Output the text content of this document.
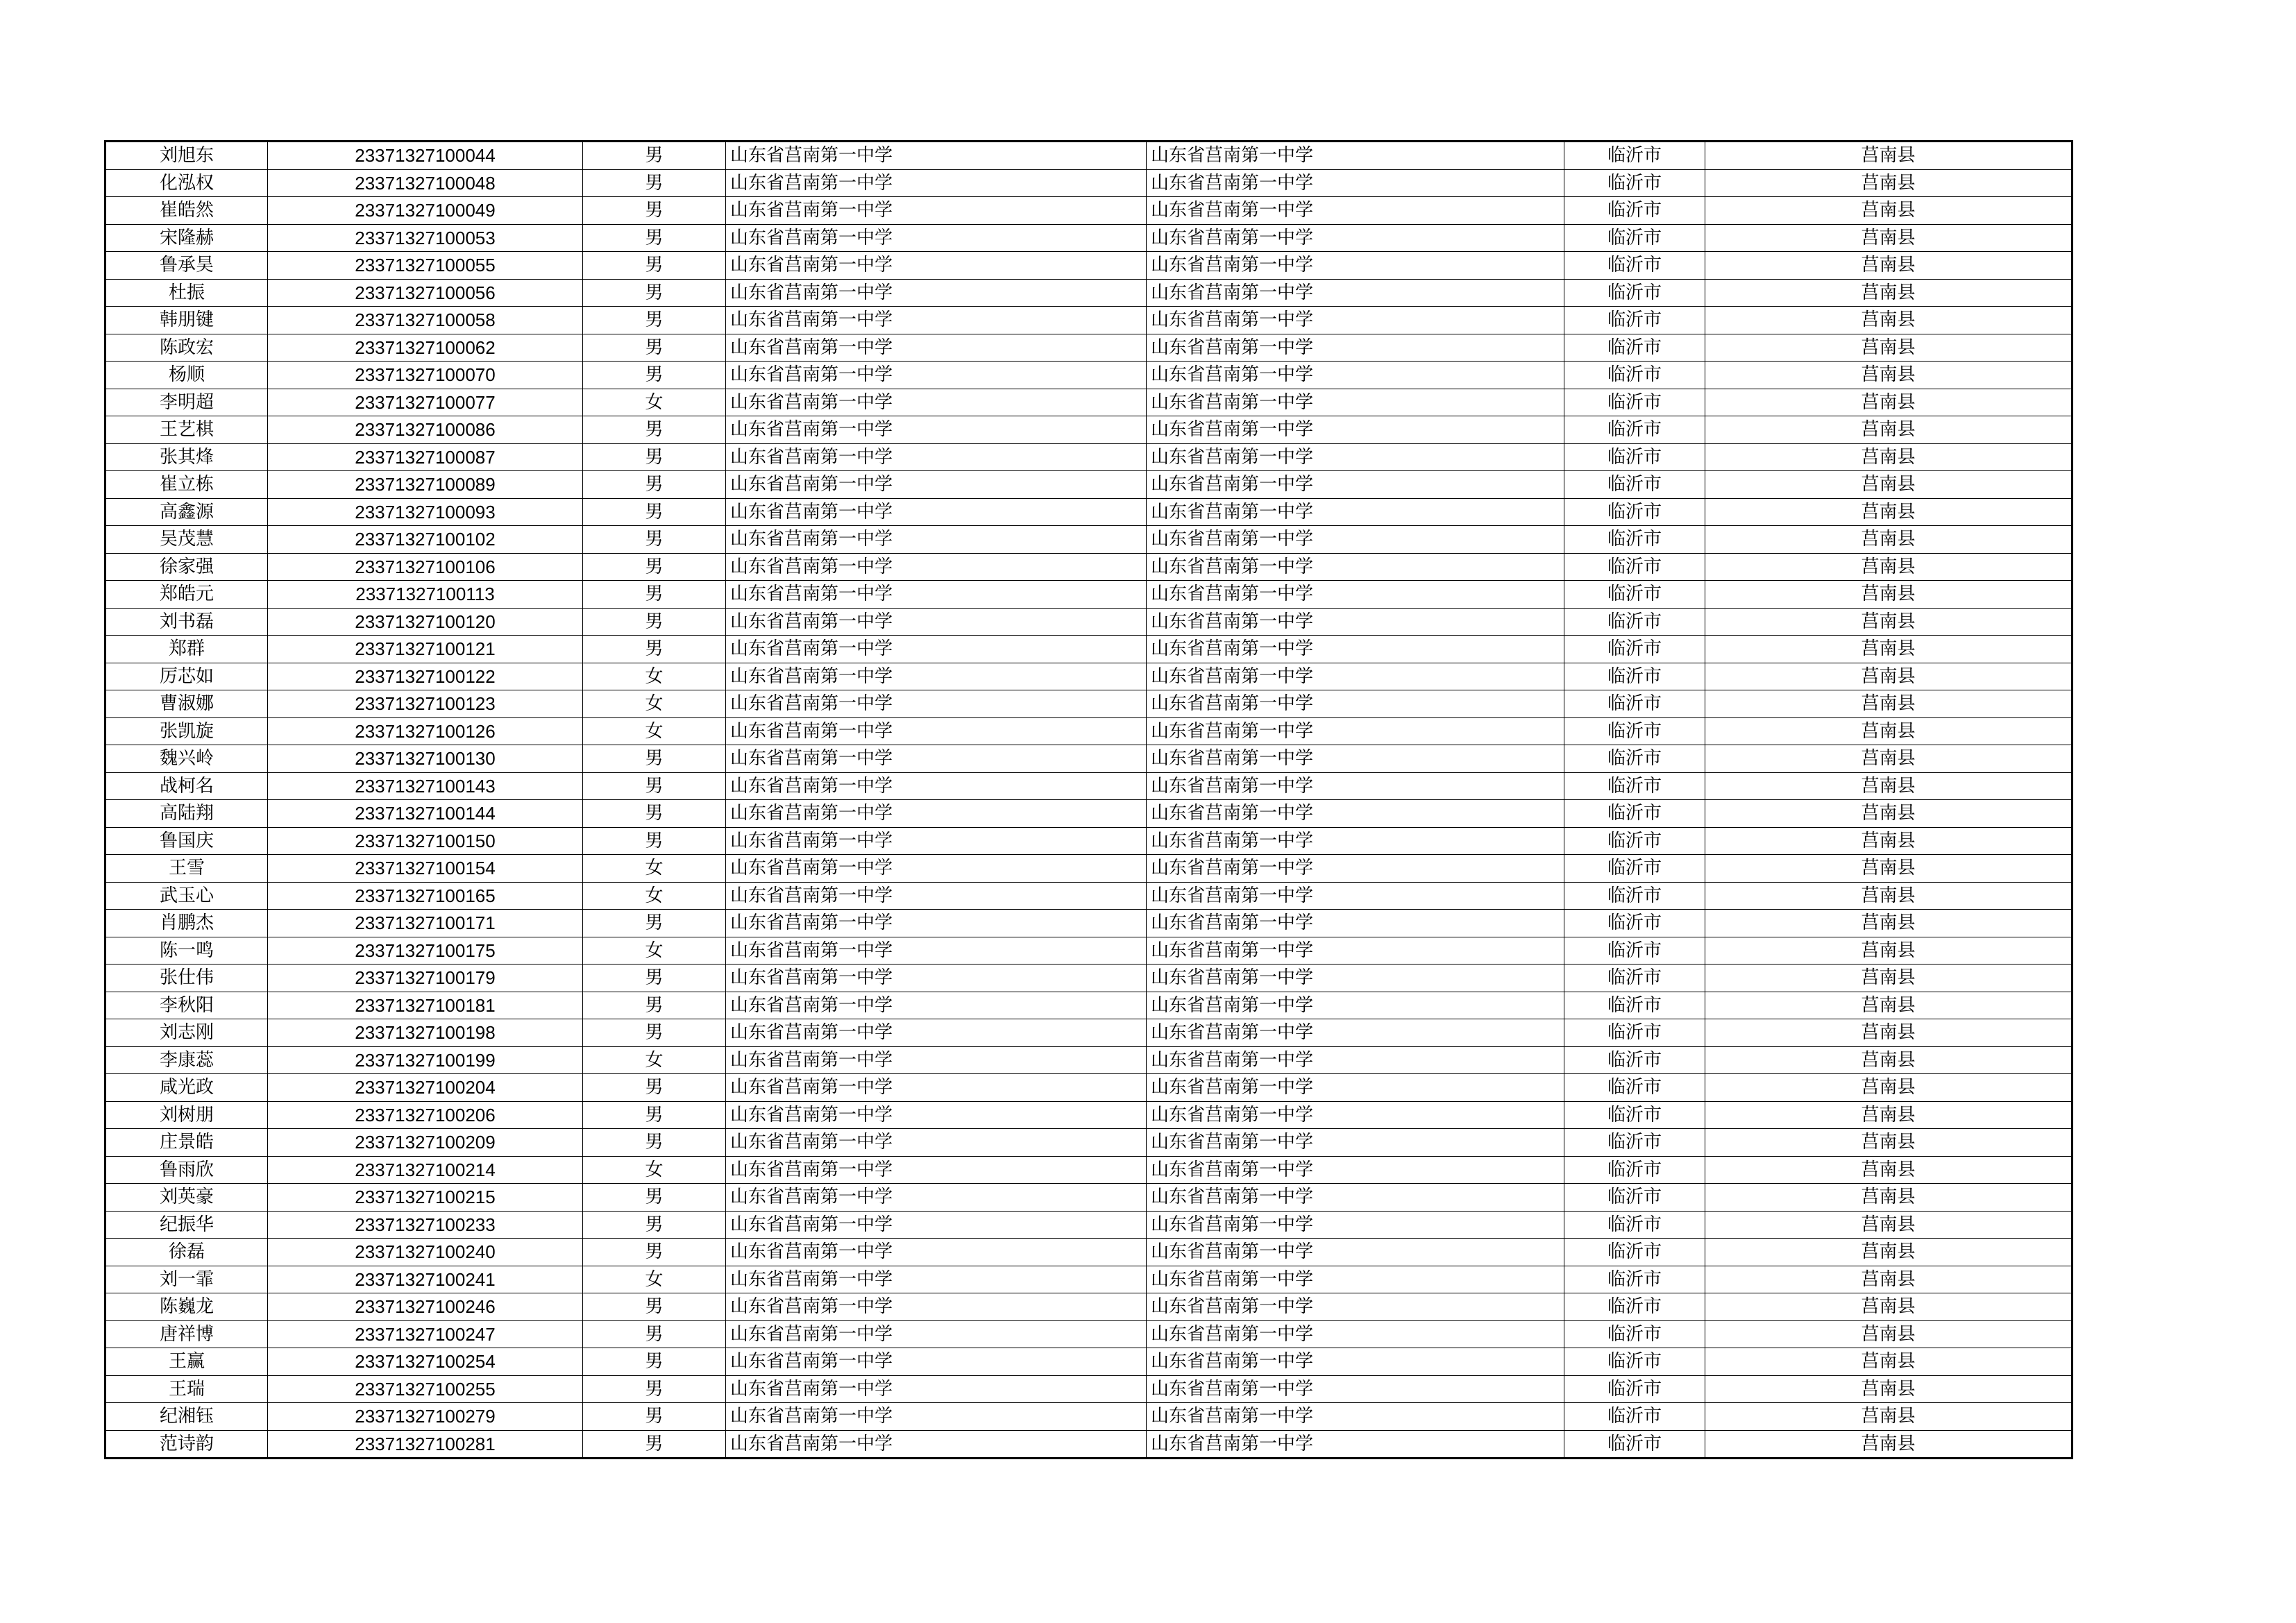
刘旭东	23371327100044	男	山东省莒南第一中学	山东省莒南第一中学	临沂市	莒南县
化泓权	23371327100048	男	山东省莒南第一中学	山东省莒南第一中学	临沂市	莒南县
崔皓然	23371327100049	男	山东省莒南第一中学	山东省莒南第一中学	临沂市	莒南县
宋隆赫	23371327100053	男	山东省莒南第一中学	山东省莒南第一中学	临沂市	莒南县
鲁承昊	23371327100055	男	山东省莒南第一中学	山东省莒南第一中学	临沂市	莒南县
杜振	23371327100056	男	山东省莒南第一中学	山东省莒南第一中学	临沂市	莒南县
韩朋键	23371327100058	男	山东省莒南第一中学	山东省莒南第一中学	临沂市	莒南县
陈政宏	23371327100062	男	山东省莒南第一中学	山东省莒南第一中学	临沂市	莒南县
杨顺	23371327100070	男	山东省莒南第一中学	山东省莒南第一中学	临沂市	莒南县
李明超	23371327100077	女	山东省莒南第一中学	山东省莒南第一中学	临沂市	莒南县
王艺棋	23371327100086	男	山东省莒南第一中学	山东省莒南第一中学	临沂市	莒南县
张其烽	23371327100087	男	山东省莒南第一中学	山东省莒南第一中学	临沂市	莒南县
崔立栋	23371327100089	男	山东省莒南第一中学	山东省莒南第一中学	临沂市	莒南县
高鑫源	23371327100093	男	山东省莒南第一中学	山东省莒南第一中学	临沂市	莒南县
吴茂慧	23371327100102	男	山东省莒南第一中学	山东省莒南第一中学	临沂市	莒南县
徐家强	23371327100106	男	山东省莒南第一中学	山东省莒南第一中学	临沂市	莒南县
郑皓元	23371327100113	男	山东省莒南第一中学	山东省莒南第一中学	临沂市	莒南县
刘书磊	23371327100120	男	山东省莒南第一中学	山东省莒南第一中学	临沂市	莒南县
郑群	23371327100121	男	山东省莒南第一中学	山东省莒南第一中学	临沂市	莒南县
厉芯如	23371327100122	女	山东省莒南第一中学	山东省莒南第一中学	临沂市	莒南县
曹淑娜	23371327100123	女	山东省莒南第一中学	山东省莒南第一中学	临沂市	莒南县
张凯旋	23371327100126	女	山东省莒南第一中学	山东省莒南第一中学	临沂市	莒南县
魏兴岭	23371327100130	男	山东省莒南第一中学	山东省莒南第一中学	临沂市	莒南县
战柯名	23371327100143	男	山东省莒南第一中学	山东省莒南第一中学	临沂市	莒南县
高陆翔	23371327100144	男	山东省莒南第一中学	山东省莒南第一中学	临沂市	莒南县
鲁国庆	23371327100150	男	山东省莒南第一中学	山东省莒南第一中学	临沂市	莒南县
王雪	23371327100154	女	山东省莒南第一中学	山东省莒南第一中学	临沂市	莒南县
武玉心	23371327100165	女	山东省莒南第一中学	山东省莒南第一中学	临沂市	莒南县
肖鹏杰	23371327100171	男	山东省莒南第一中学	山东省莒南第一中学	临沂市	莒南县
陈一鸣	23371327100175	女	山东省莒南第一中学	山东省莒南第一中学	临沂市	莒南县
张仕伟	23371327100179	男	山东省莒南第一中学	山东省莒南第一中学	临沂市	莒南县
李秋阳	23371327100181	男	山东省莒南第一中学	山东省莒南第一中学	临沂市	莒南县
刘志刚	23371327100198	男	山东省莒南第一中学	山东省莒南第一中学	临沂市	莒南县
李康蕊	23371327100199	女	山东省莒南第一中学	山东省莒南第一中学	临沂市	莒南县
咸光政	23371327100204	男	山东省莒南第一中学	山东省莒南第一中学	临沂市	莒南县
刘树朋	23371327100206	男	山东省莒南第一中学	山东省莒南第一中学	临沂市	莒南县
庄景皓	23371327100209	男	山东省莒南第一中学	山东省莒南第一中学	临沂市	莒南县
鲁雨欣	23371327100214	女	山东省莒南第一中学	山东省莒南第一中学	临沂市	莒南县
刘英豪	23371327100215	男	山东省莒南第一中学	山东省莒南第一中学	临沂市	莒南县
纪振华	23371327100233	男	山东省莒南第一中学	山东省莒南第一中学	临沂市	莒南县
徐磊	23371327100240	男	山东省莒南第一中学	山东省莒南第一中学	临沂市	莒南县
刘一霏	23371327100241	女	山东省莒南第一中学	山东省莒南第一中学	临沂市	莒南县
陈巍龙	23371327100246	男	山东省莒南第一中学	山东省莒南第一中学	临沂市	莒南县
唐祥博	23371327100247	男	山东省莒南第一中学	山东省莒南第一中学	临沂市	莒南县
王赢	23371327100254	男	山东省莒南第一中学	山东省莒南第一中学	临沂市	莒南县
王瑞	23371327100255	男	山东省莒南第一中学	山东省莒南第一中学	临沂市	莒南县
纪湘钰	23371327100279	男	山东省莒南第一中学	山东省莒南第一中学	临沂市	莒南县
范诗韵	23371327100281	男	山东省莒南第一中学	山东省莒南第一中学	临沂市	莒南县
